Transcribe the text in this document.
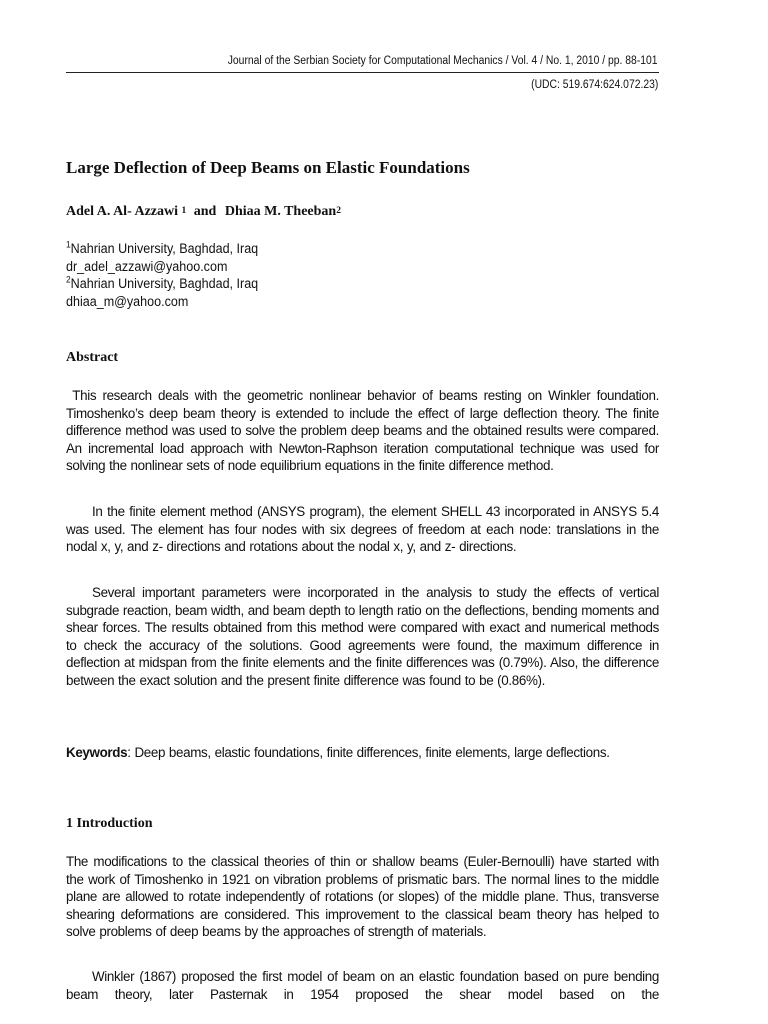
Journal of the Serbian Society for Computational Mechanics / Vol. 4 / No. 1, 2010 / pp. 88-101
(UDC: 519.674:624.072.23)
Large Deflection of Deep Beams on Elastic Foundations
Adel A. Al- Azzawi $^1$ and Dhiaa M. Theeban$^2$
$^1$Nahrian University, Baghdad, Iraq
dr_adel_azzawi@yahoo.com
$^2$Nahrian University, Baghdad, Iraq
dhiaa_m@yahoo.com
Abstract

This research deals with the geometric nonlinear behavior of beams resting on Winkler foundation. Timoshenko’s deep beam theory is extended to include the effect of large deflection theory. The finite difference method was used to solve the problem deep beams and the obtained results were compared. An incremental load approach with Newton-Raphson iteration computational technique was used for solving the nonlinear sets of node equilibrium equations in the finite difference method.

In the finite element method (ANSYS program), the element SHELL 43 incorporated in ANSYS 5.4 was used. The element has four nodes with six degrees of freedom at each node: translations in the nodal x, y, and z- directions and rotations about the nodal x, y, and z- directions.

Several important parameters were incorporated in the analysis to study the effects of vertical subgrade reaction, beam width, and beam depth to length ratio on the deflections, bending moments and shear forces. The results obtained from this method were compared with exact and numerical methods to check the accuracy of the solutions. Good agreements were found, the maximum difference in deflection at midspan from the finite elements and the finite differences was (0.79%). Also, the difference between the exact solution and the present finite difference was found to be (0.86%).

Keywords: Deep beams, elastic foundations, finite differences, finite elements, large deflections.

1 Introduction

The modifications to the classical theories of thin or shallow beams (Euler-Bernoulli) have started with the work of Timoshenko in 1921 on vibration problems of prismatic bars. The normal lines to the middle plane are allowed to rotate independently of rotations (or slopes) of the middle plane. Thus, transverse shearing deformations are considered. This improvement to the classical beam theory has helped to solve problems of deep beams by the approaches of strength of materials.

Winkler (1867) proposed the first model of beam on an elastic foundation based on pure bending beam theory, later Pasternak in 1954 proposed the shear model based on the
